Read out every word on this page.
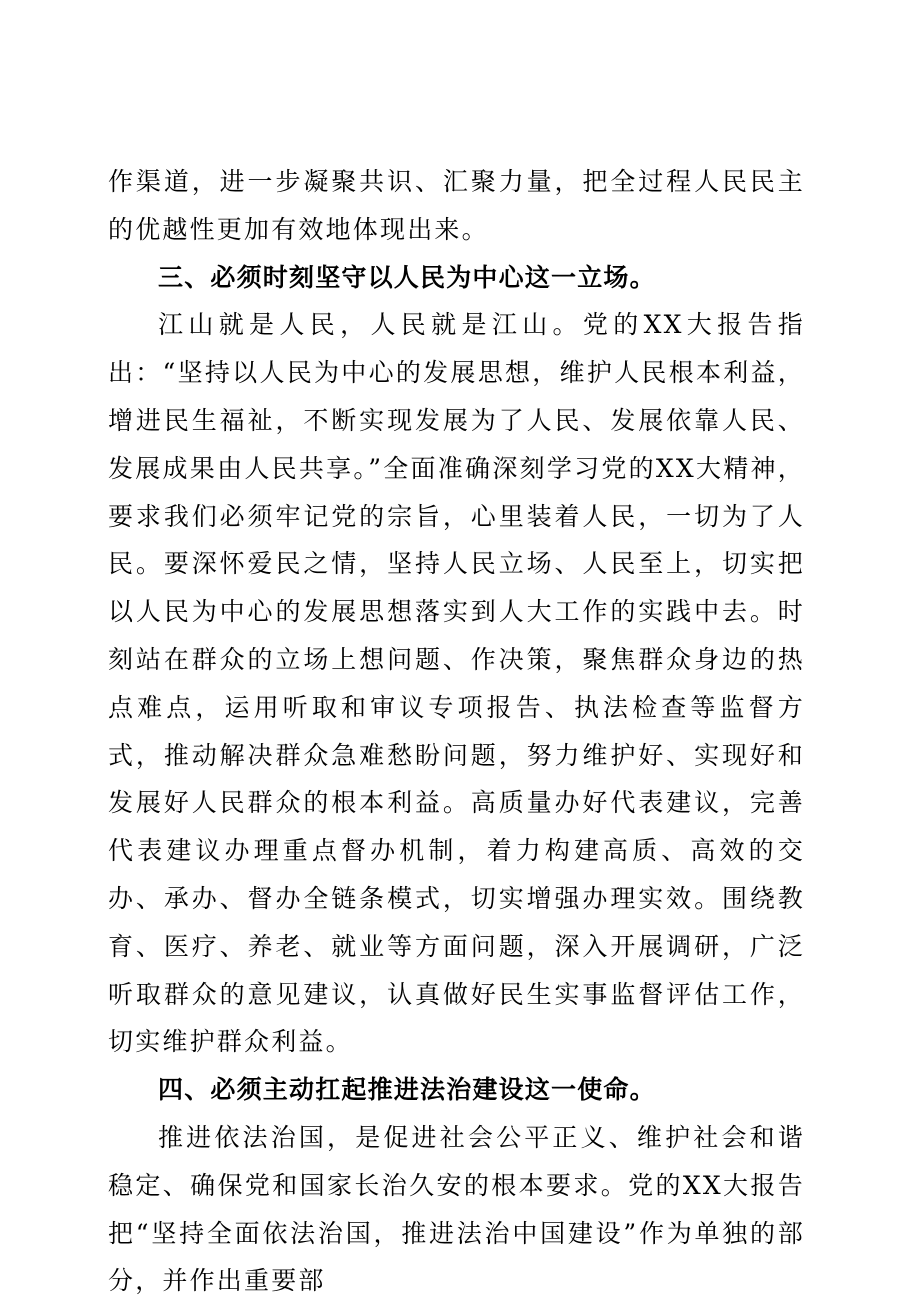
作渠道，进一步凝聚共识、汇聚力量，把全过程人民民主的优越性更加有效地体现出来。

三、必须时刻坚守以人民为中心这一立场。

江山就是人民，人民就是江山。党的XX大报告指出：“坚持以人民为中心的发展思想，维护人民根本利益，增进民生福祉，不断实现发展为了人民、发展依靠人民、发展成果由人民共享。”全面准确深刻学习党的XX大精神，要求我们必须牢记党的宗旨，心里装着人民，一切为了人民。要深怀爱民之情，坚持人民立场、人民至上，切实把以人民为中心的发展思想落实到人大工作的实践中去。时刻站在群众的立场上想问题、作决策，聚焦群众身边的热点难点，运用听取和审议专项报告、执法检查等监督方式，推动解决群众急难愁盼问题，努力维护好、实现好和发展好人民群众的根本利益。高质量办好代表建议，完善代表建议办理重点督办机制，着力构建高质、高效的交办、承办、督办全链条模式，切实增强办理实效。围绕教育、医疗、养老、就业等方面问题，深入开展调研，广泛听取群众的意见建议，认真做好民生实事监督评估工作，切实维护群众利益。

四、必须主动扛起推进法治建设这一使命。

推进依法治国，是促进社会公平正义、维护社会和谐稳定、确保党和国家长治久安的根本要求。党的XX大报告把“坚持全面依法治国，推进法治中国建设”作为单独的部分，并作出重要部
